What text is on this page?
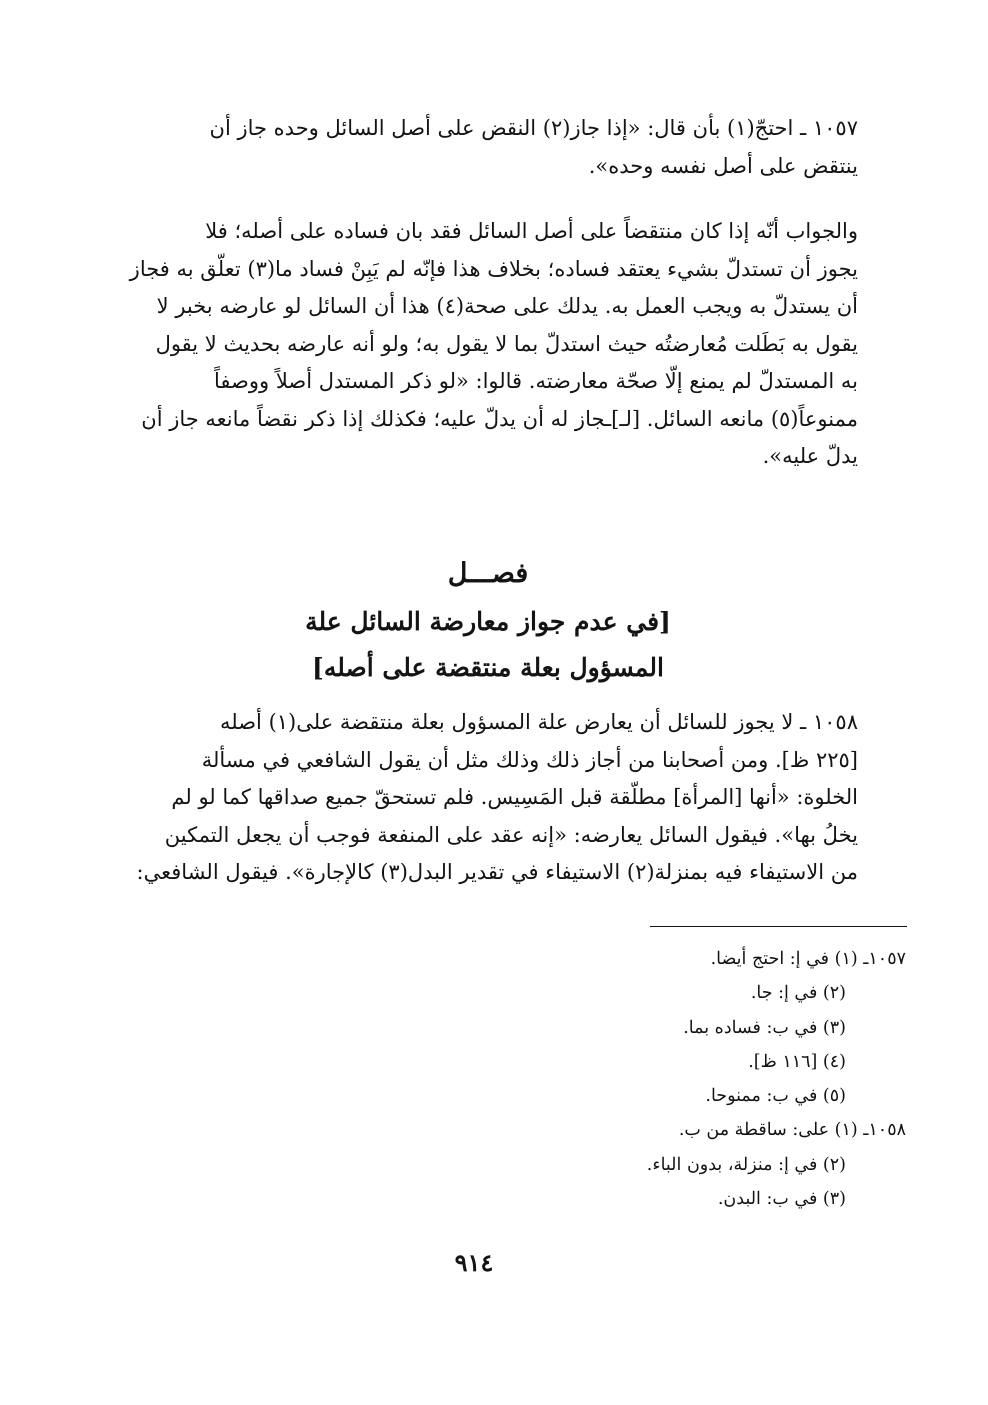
١٠٥٧ ـ احتجّ(١) بأن قال: «إذا جاز(٢) النقض على أصل السائل وحده جاز أن

ينتقض على أصل نفسه وحده».

والجواب أنّه إذا كان منتقضاً على أصل السائل فقد بان فساده على أصله؛ فلا

يجوز أن تستدلّ بشيء يعتقد فساده؛ بخلاف هذا فإنّه لم يَبِنْ فساد ما(٣) تعلّق به فجاز

أن يستدلّ به ويجب العمل به. يدلك على صحة(٤) هذا أن السائل لو عارضه بخبر لا

يقول به بَطَلت مُعارضتُه حيث استدلّ بما لا يقول به؛ ولو أنه عارضه بحديث لا يقول

به المستدلّ لم يمنع إلّا صحّة معارضته. قالوا: «لو ذكر المستدل أصلاً ووصفاً

ممنوعاً(٥) مانعه السائل. [لـ]ـجاز له أن يدلّ عليه؛ فكذلك إذا ذكر نقضاً مانعه جاز أن

يدلّ عليه».

فصـــل
[في عدم جواز معارضة السائل علة
المسؤول بعلة منتقضة على أصله]

١٠٥٨ ـ لا يجوز للسائل أن يعارض علة المسؤول بعلة منتقضة على(١) أصله

[٢٢٥ ظ]. ومن أصحابنا من أجاز ذلك وذلك مثل أن يقول الشافعي في مسألة

الخلوة: «أنها [المرأة] مطلّقة قبل المَسِيس. فلم تستحقّ جميع صداقها كما لو لم

يخلُ بها». فيقول السائل يعارضه: «إنه عقد على المنفعة فوجب أن يجعل التمكين

من الاستيفاء فيه بمنزلة(٢) الاستيفاء في تقدير البدل(٣) كالإجارة». فيقول الشافعي:

١٠٥٧ـ (١) في إ: احتج أيضا.

(٢) في إ: جا.

(٣) في ب: فساده بما.

(٤) [١١٦ ظ].

(٥) في ب: ممنوحا.

١٠٥٨ـ (١) على: ساقطة من ب.

(٢) في إ: منزلة، بدون الباء.

(٣) في ب: البدن.

٩١٤
